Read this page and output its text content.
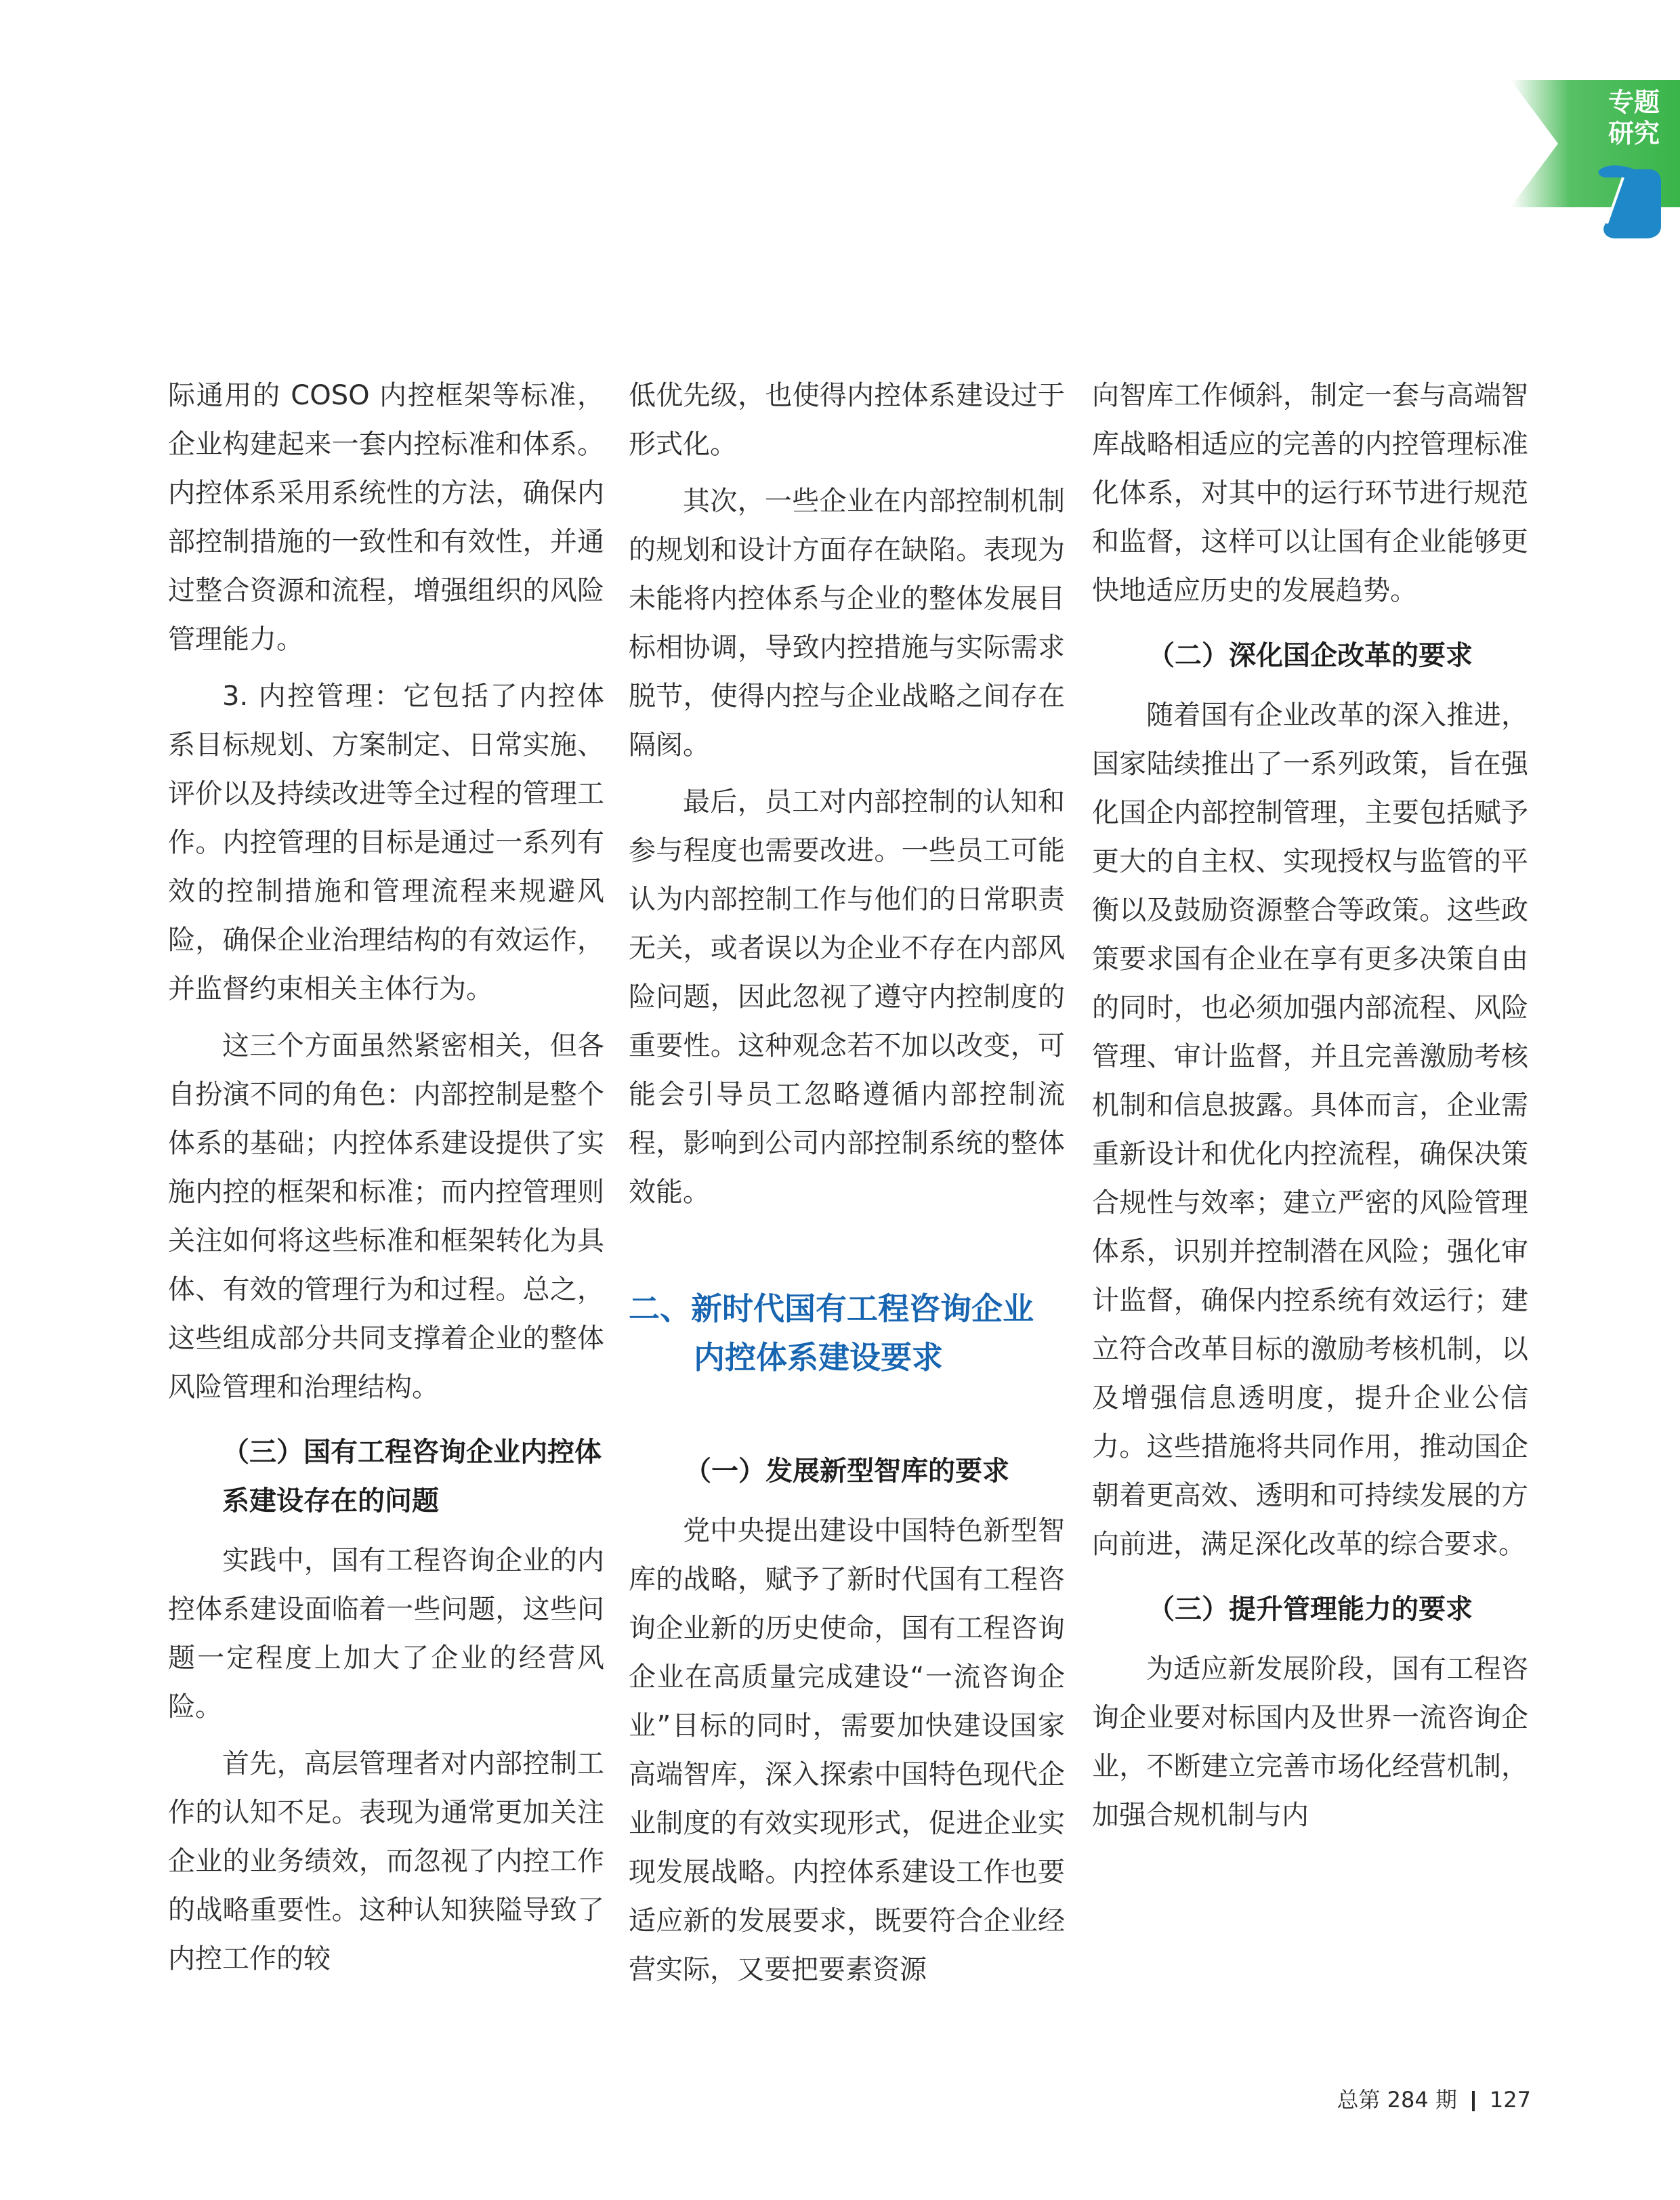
专题
研究

际通用的 COSO 内控框架等标准，企业构建起来一套内控标准和体系。内控体系采用系统性的方法，确保内部控制措施的一致性和有效性，并通过整合资源和流程，增强组织的风险管理能力。

3. 内控管理：它包括了内控体系目标规划、方案制定、日常实施、评价以及持续改进等全过程的管理工作。内控管理的目标是通过一系列有效的控制措施和管理流程来规避风险，确保企业治理结构的有效运作，并监督约束相关主体行为。

这三个方面虽然紧密相关，但各自扮演不同的角色：内部控制是整个体系的基础；内控体系建设提供了实施内控的框架和标准；而内控管理则关注如何将这些标准和框架转化为具体、有效的管理行为和过程。总之，这些组成部分共同支撑着企业的整体风险管理和治理结构。

（三）国有工程咨询企业内控体系建设存在的问题

实践中，国有工程咨询企业的内控体系建设面临着一些问题，这些问题一定程度上加大了企业的经营风险。

首先，高层管理者对内部控制工作的认知不足。表现为通常更加关注企业的业务绩效，而忽视了内控工作的战略重要性。这种认知狭隘导致了内控工作的较

低优先级，也使得内控体系建设过于形式化。

其次，一些企业在内部控制机制的规划和设计方面存在缺陷。表现为未能将内控体系与企业的整体发展目标相协调，导致内控措施与实际需求脱节，使得内控与企业战略之间存在隔阂。

最后，员工对内部控制的认知和参与程度也需要改进。一些员工可能认为内部控制工作与他们的日常职责无关，或者误以为企业不存在内部风险问题，因此忽视了遵守内控制度的重要性。这种观念若不加以改变，可能会引导员工忽略遵循内部控制流程，影响到公司内部控制系统的整体效能。

二、新时代国有工程咨询企业
内控体系建设要求
（一）发展新型智库的要求

党中央提出建设中国特色新型智库的战略，赋予了新时代国有工程咨询企业新的历史使命，国有工程咨询企业在高质量完成建设“一流咨询企业”目标的同时，需要加快建设国家高端智库，深入探索中国特色现代企业制度的有效实现形式，促进企业实现发展战略。内控体系建设工作也要适应新的发展要求，既要符合企业经营实际，又要把要素资源

向智库工作倾斜，制定一套与高端智库战略相适应的完善的内控管理标准化体系，对其中的运行环节进行规范和监督，这样可以让国有企业能够更快地适应历史的发展趋势。

（二）深化国企改革的要求

随着国有企业改革的深入推进，国家陆续推出了一系列政策，旨在强化国企内部控制管理，主要包括赋予更大的自主权、实现授权与监管的平衡以及鼓励资源整合等政策。这些政策要求国有企业在享有更多决策自由的同时，也必须加强内部流程、风险管理、审计监督，并且完善激励考核机制和信息披露。具体而言，企业需重新设计和优化内控流程，确保决策合规性与效率；建立严密的风险管理体系，识别并控制潜在风险；强化审计监督，确保内控系统有效运行；建立符合改革目标的激励考核机制，以及增强信息透明度，提升企业公信力。这些措施将共同作用，推动国企朝着更高效、透明和可持续发展的方向前进，满足深化改革的综合要求。

（三）提升管理能力的要求

为适应新发展阶段，国有工程咨询企业要对标国内及世界一流咨询企业，不断建立完善市场化经营机制，加强合规机制与内

总第 284 期 127
